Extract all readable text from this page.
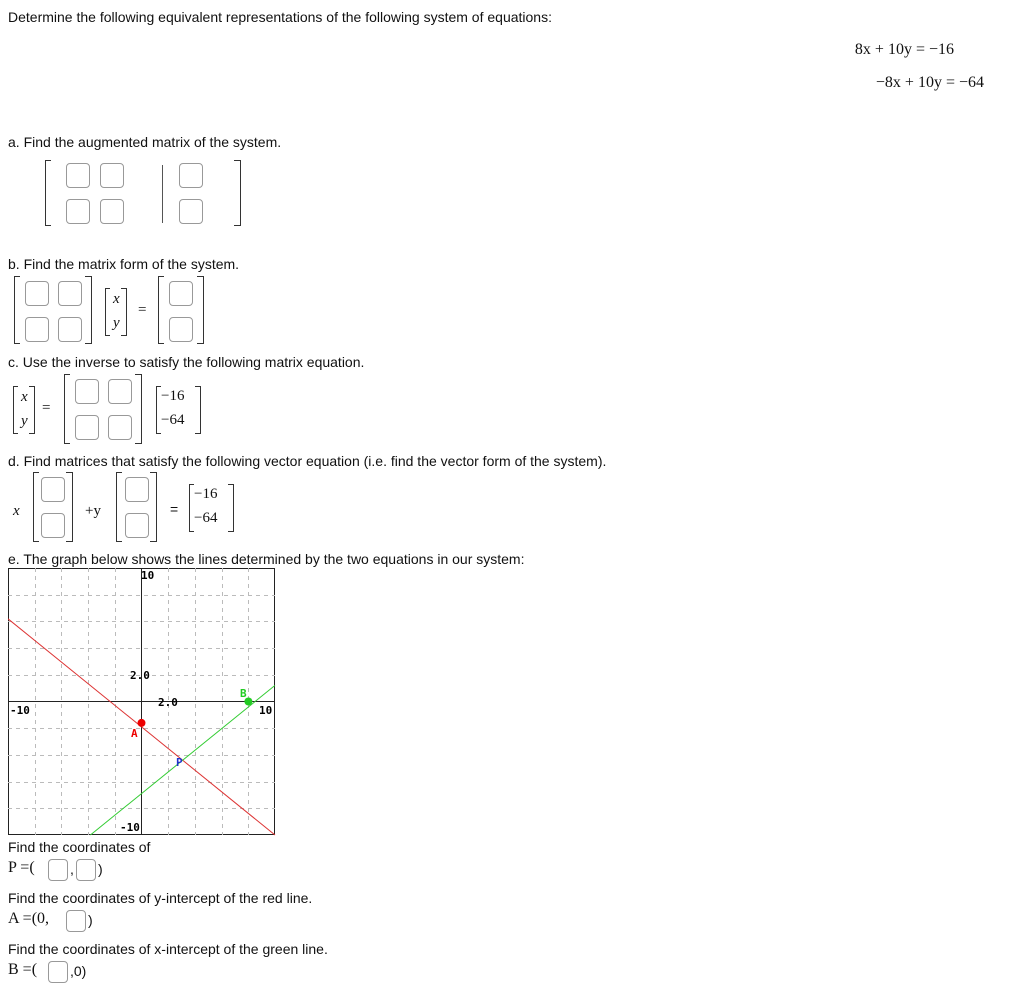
Determine the following equivalent representations of the following system of equations:
8x + 10y = −16
−8x + 10y = −64
a. Find the augmented matrix of the system.
b. Find the matrix form of the system.
x
y
=
c. Use the inverse to satisfy the following matrix equation.
x
y
=
−16
−64
d. Find matrices that satisfy the following vector equation (i.e. find the vector form of the system).
x	+y	=
−16
−64
e. The graph below shows the lines determined by the two equations in our system:
10
-10
-10	10
2.0
2.0
A
B
P
Find the coordinates of
P =(	, )
Find the coordinates of y-intercept of the red line.
A =(0,	)
Find the coordinates of x-intercept of the green line.
B =( ,0)
